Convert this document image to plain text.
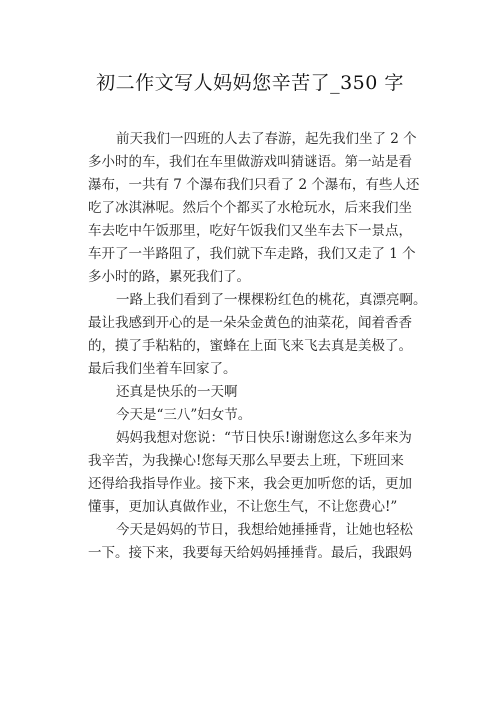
初二作文写人妈妈您辛苦了_350 字
前天我们一四班的人去了春游，起先我们坐了 2 个
多小时的车，我们在车里做游戏叫猜谜语。第一站是看
瀑布，一共有 7 个瀑布我们只看了 2 个瀑布，有些人还
吃了冰淇淋呢。然后个个都买了水枪玩水，后来我们坐
车去吃中午饭那里，吃好午饭我们又坐车去下一景点，
车开了一半路阻了，我们就下车走路，我们又走了 1 个
多小时的路，累死我们了。
一路上我们看到了一棵棵粉红色的桃花，真漂亮啊。
最让我感到开心的是一朵朵金黄色的油菜花，闻着香香
的，摸了手粘粘的，蜜蜂在上面飞来飞去真是美极了。
最后我们坐着车回家了。
还真是快乐的一天啊
今天是“三八”妇女节。
妈妈我想对您说：“节日快乐!谢谢您这么多年来为
我辛苦，为我操心!您每天那么早要去上班，下班回来
还得给我指导作业。接下来，我会更加听您的话，更加
懂事，更加认真做作业，不让您生气，不让您费心!”
今天是妈妈的节日，我想给她捶捶背，让她也轻松
一下。接下来，我要每天给妈妈捶捶背。最后，我跟妈
